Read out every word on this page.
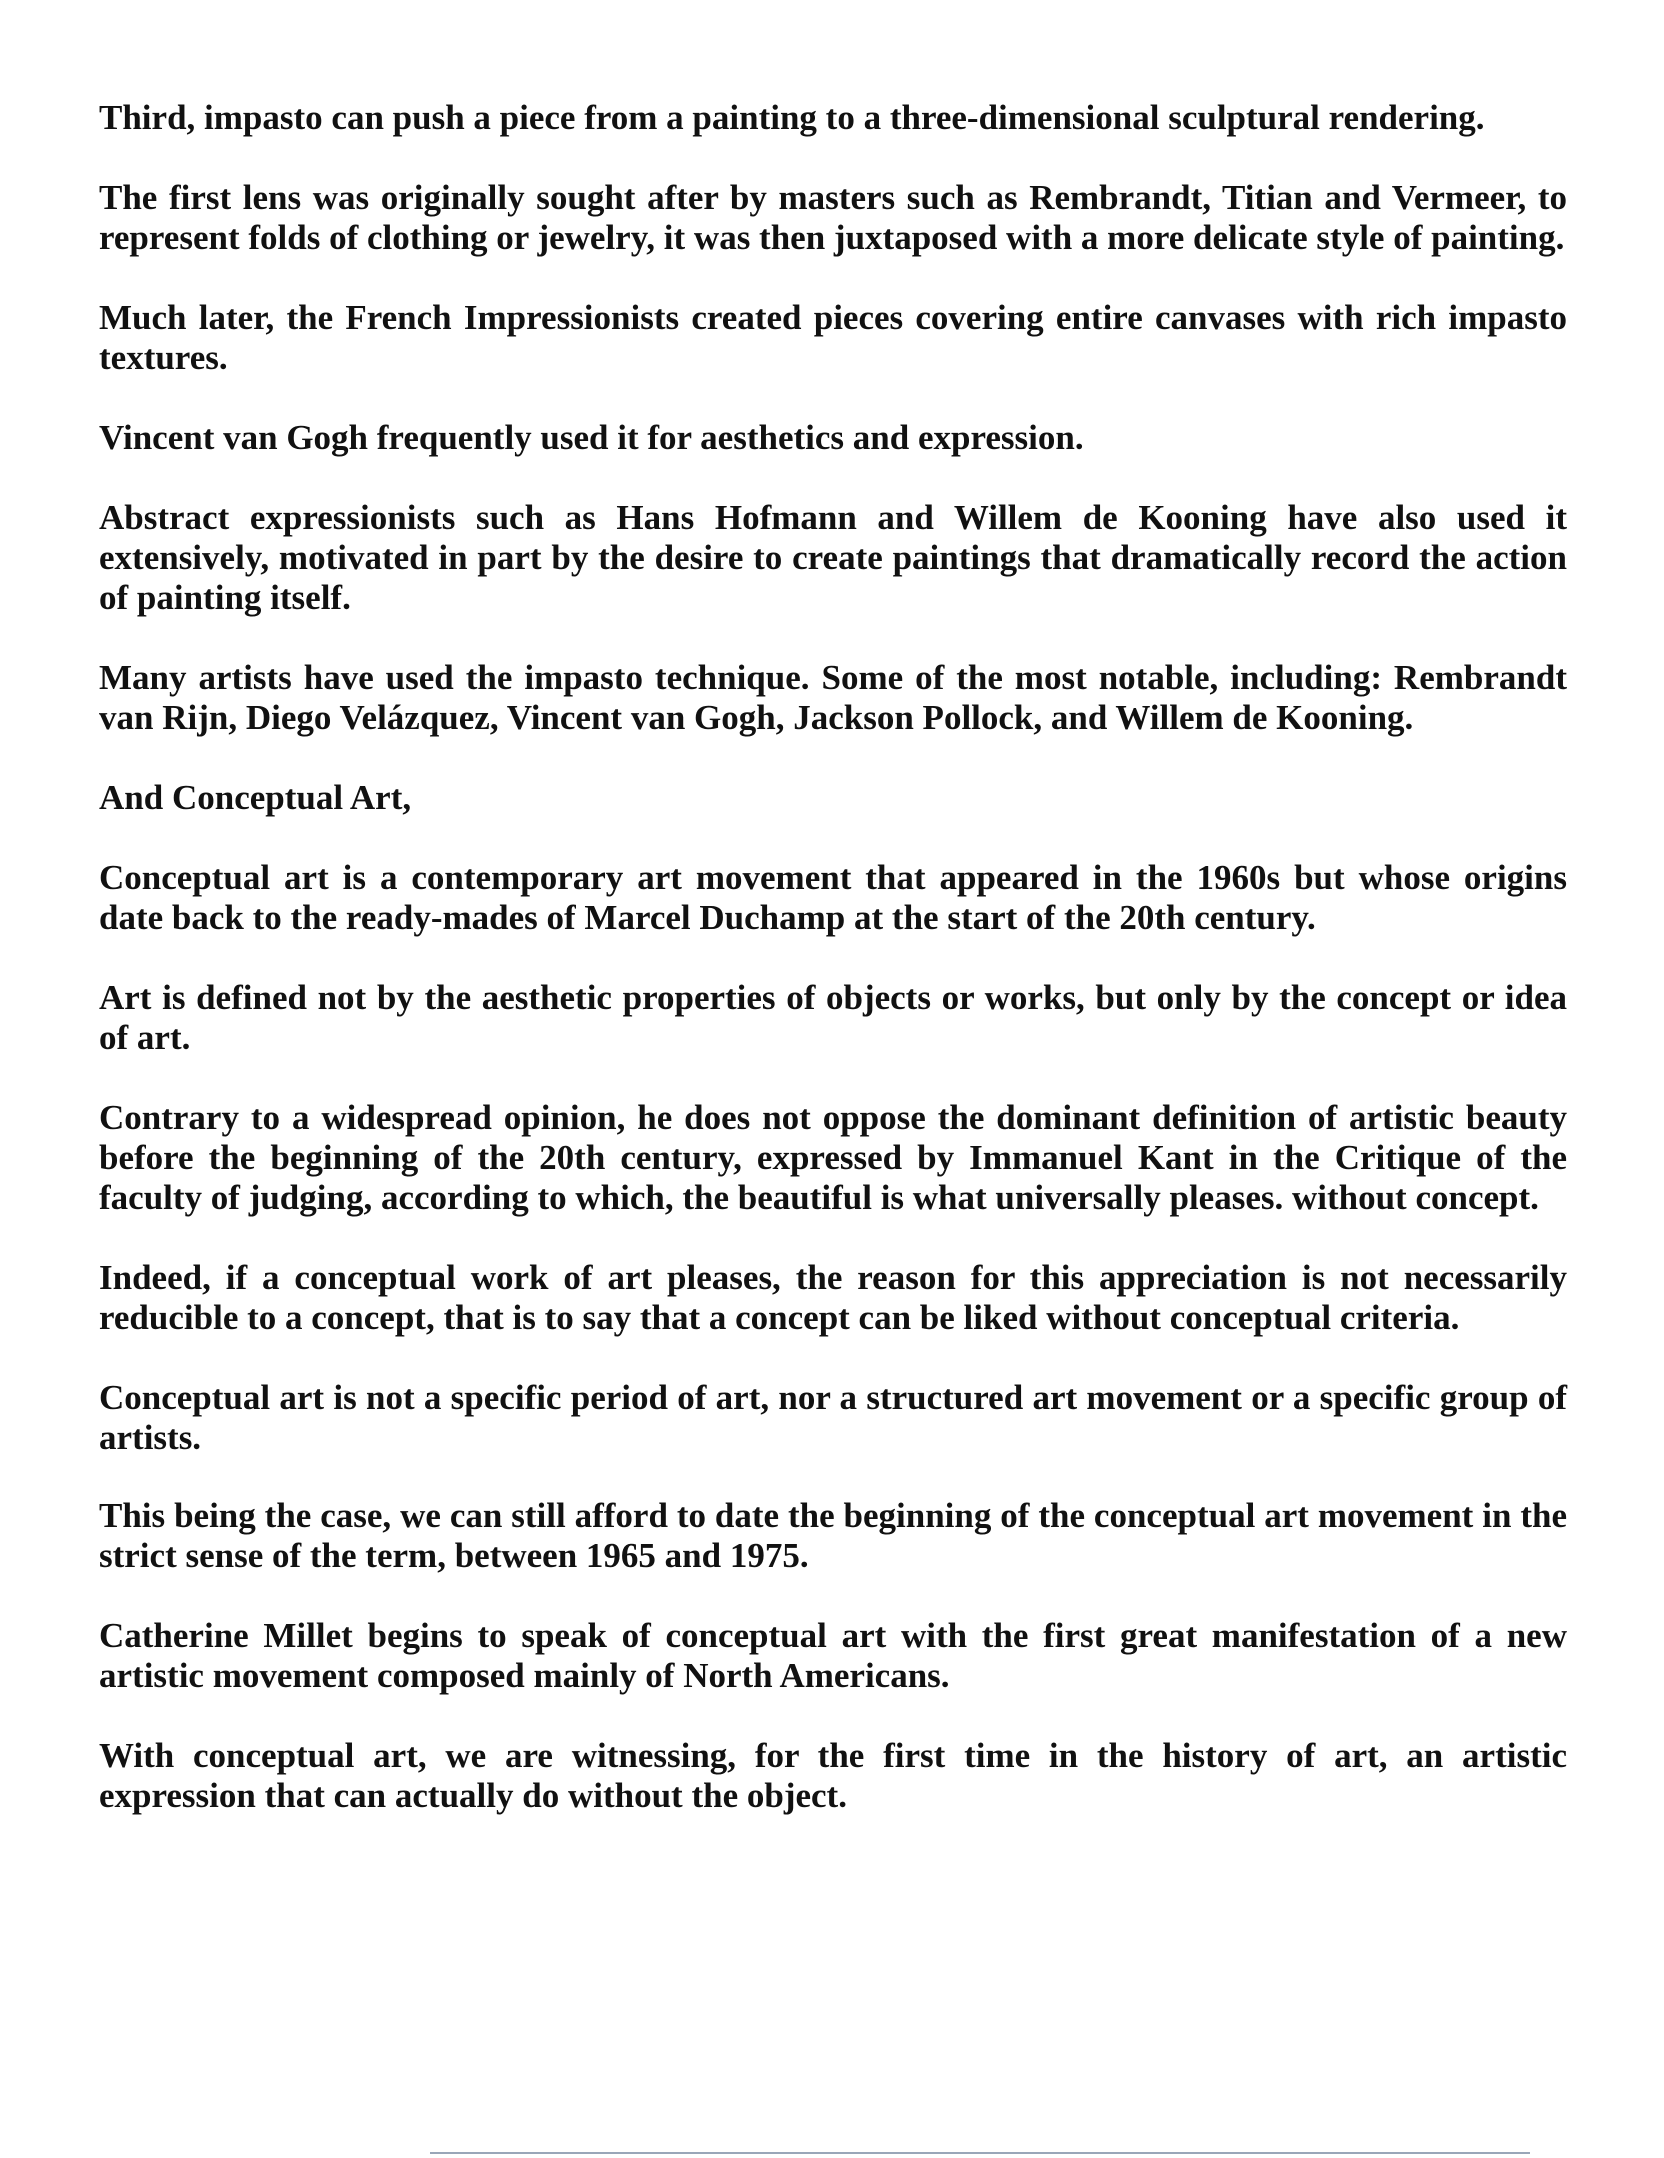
Third, impasto can push a piece from a painting to a three-dimensional sculptural rendering.

The first lens was originally sought after by masters such as Rembrandt, Titian and Vermeer, to represent folds of clothing or jewelry, it was then juxtaposed with a more delicate style of painting.

Much later, the French Impressionists created pieces covering entire canvases with rich impasto textures.

Vincent van Gogh frequently used it for aesthetics and expression.

Abstract expressionists such as Hans Hofmann and Willem de Kooning have also used it extensively, motivated in part by the desire to create paintings that dramatically record the action of painting itself.

Many artists have used the impasto technique. Some of the most notable, including: Rembrandt van Rijn, Diego Velázquez, Vincent van Gogh, Jackson Pollock, and Willem de Kooning.

And Conceptual Art,

Conceptual art is a contemporary art movement that appeared in the 1960s but whose origins date back to the ready-mades of Marcel Duchamp at the start of the 20th century.

Art is defined not by the aesthetic properties of objects or works, but only by the concept or idea of art.

Contrary to a widespread opinion, he does not oppose the dominant definition of artistic beauty before the beginning of the 20th century, expressed by Immanuel Kant in the Critique of the faculty of judging, according to which, the beautiful is what universally pleases. without concept.

Indeed, if a conceptual work of art pleases, the reason for this appreciation is not necessarily reducible to a concept, that is to say that a concept can be liked without conceptual criteria.

Conceptual art is not a specific period of art, nor a structured art movement or a specific group of artists.

This being the case, we can still afford to date the beginning of the conceptual art movement in the strict sense of the term, between 1965 and 1975.

Catherine Millet begins to speak of conceptual art with the first great manifestation of a new artistic movement composed mainly of North Americans.

With conceptual art, we are witnessing, for the first time in the history of art, an artistic expression that can actually do without the object.
